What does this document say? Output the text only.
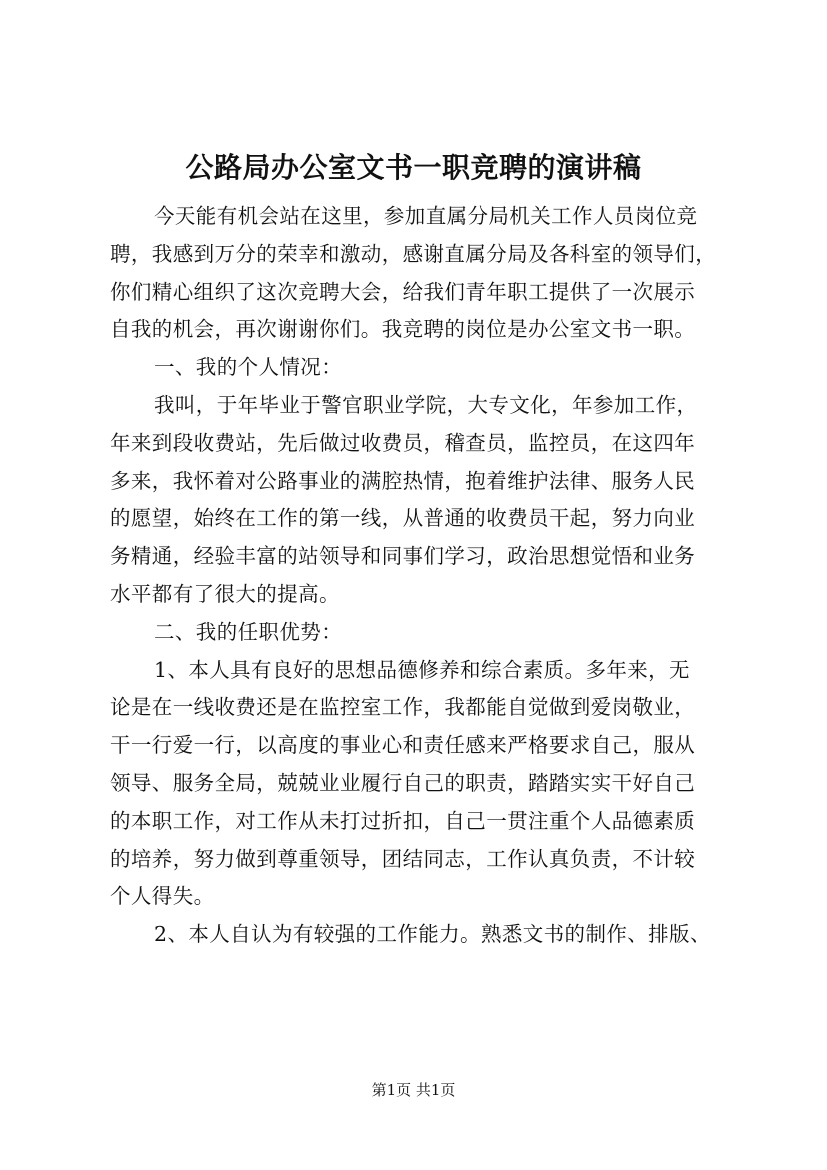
公路局办公室文书一职竞聘的演讲稿
今天能有机会站在这里，参加直属分局机关工作人员岗位竞
聘，我感到万分的荣幸和激动，感谢直属分局及各科室的领导们，
你们精心组织了这次竞聘大会，给我们青年职工提供了一次展示
自我的机会，再次谢谢你们。我竞聘的岗位是办公室文书一职。
一、我的个人情况：
我叫，于年毕业于警官职业学院，大专文化，年参加工作，
年来到段收费站，先后做过收费员，稽查员，监控员，在这四年
多来，我怀着对公路事业的满腔热情，抱着维护法律、服务人民
的愿望，始终在工作的第一线，从普通的收费员干起，努力向业
务精通，经验丰富的站领导和同事们学习，政治思想觉悟和业务
水平都有了很大的提高。
二、我的任职优势：
1、本人具有良好的思想品德修养和综合素质。多年来，无
论是在一线收费还是在监控室工作，我都能自觉做到爱岗敬业，
干一行爱一行，以高度的事业心和责任感来严格要求自己，服从
领导、服务全局，兢兢业业履行自己的职责，踏踏实实干好自己
的本职工作，对工作从未打过折扣，自己一贯注重个人品德素质
的培养，努力做到尊重领导，团结同志，工作认真负责，不计较
个人得失。
2、本人自认为有较强的工作能力。熟悉文书的制作、排版、
第1页 共1页
